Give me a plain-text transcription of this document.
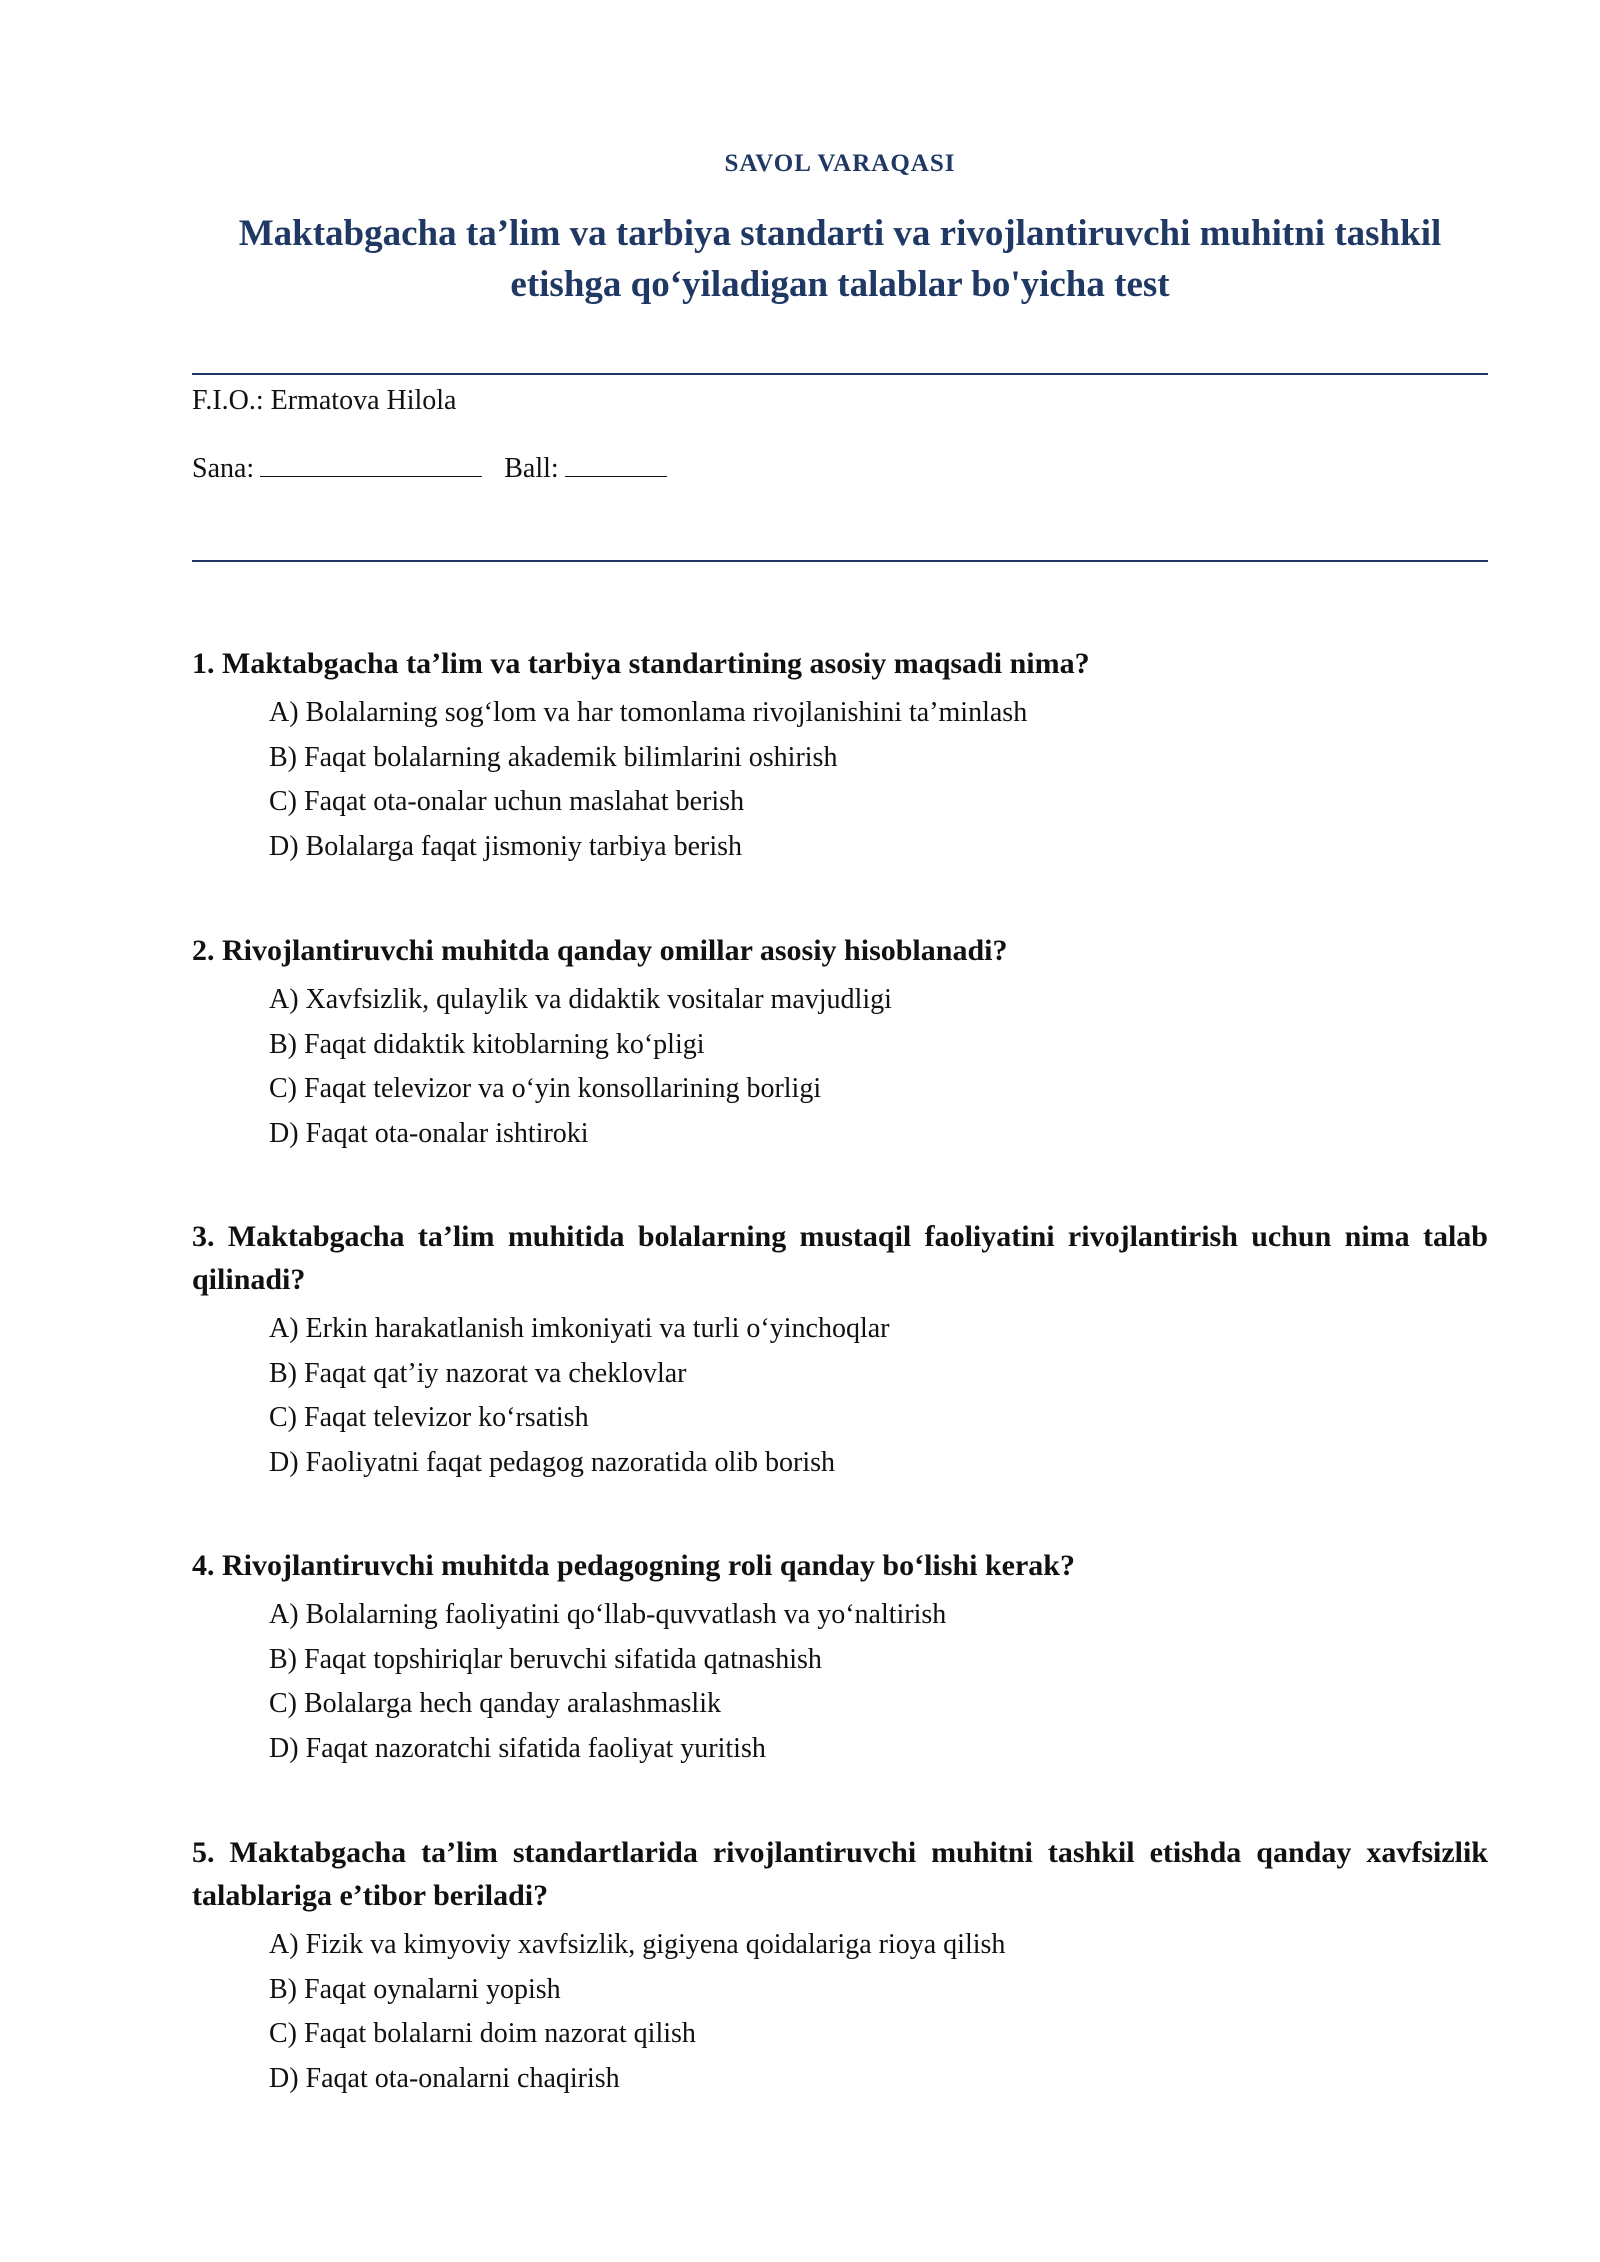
SAVOL VARAQASI
Maktabgacha ta’lim va tarbiya standarti va rivojlantiruvchi muhitni tashkil etishga qo‘yiladigan talablar bo'yicha test
F.I.O.: Ermatova Hilola
Sana:	Ball:
1. Maktabgacha ta’lim va tarbiya standartining asosiy maqsadi nima?
A) Bolalarning sog‘lom va har tomonlama rivojlanishini ta’minlash
B) Faqat bolalarning akademik bilimlarini oshirish
C) Faqat ota-onalar uchun maslahat berish
D) Bolalarga faqat jismoniy tarbiya berish
2. Rivojlantiruvchi muhitda qanday omillar asosiy hisoblanadi?
A) Xavfsizlik, qulaylik va didaktik vositalar mavjudligi
B) Faqat didaktik kitoblarning ko‘pligi
C) Faqat televizor va o‘yin konsollarining borligi
D) Faqat ota-onalar ishtiroki
3. Maktabgacha ta’lim muhitida bolalarning mustaqil faoliyatini rivojlantirish uchun nima talab qilinadi?
A) Erkin harakatlanish imkoniyati va turli o‘yinchoqlar
B) Faqat qat’iy nazorat va cheklovlar
C) Faqat televizor ko‘rsatish
D) Faoliyatni faqat pedagog nazoratida olib borish
4. Rivojlantiruvchi muhitda pedagogning roli qanday bo‘lishi kerak?
A) Bolalarning faoliyatini qo‘llab-quvvatlash va yo‘naltirish
B) Faqat topshiriqlar beruvchi sifatida qatnashish
C) Bolalarga hech qanday aralashmaslik
D) Faqat nazoratchi sifatida faoliyat yuritish
5. Maktabgacha ta’lim standartlarida rivojlantiruvchi muhitni tashkil etishda qanday xavfsizlik talablariga e’tibor beriladi?
A) Fizik va kimyoviy xavfsizlik, gigiyena qoidalariga rioya qilish
B) Faqat oynalarni yopish
C) Faqat bolalarni doim nazorat qilish
D) Faqat ota-onalarni chaqirish
